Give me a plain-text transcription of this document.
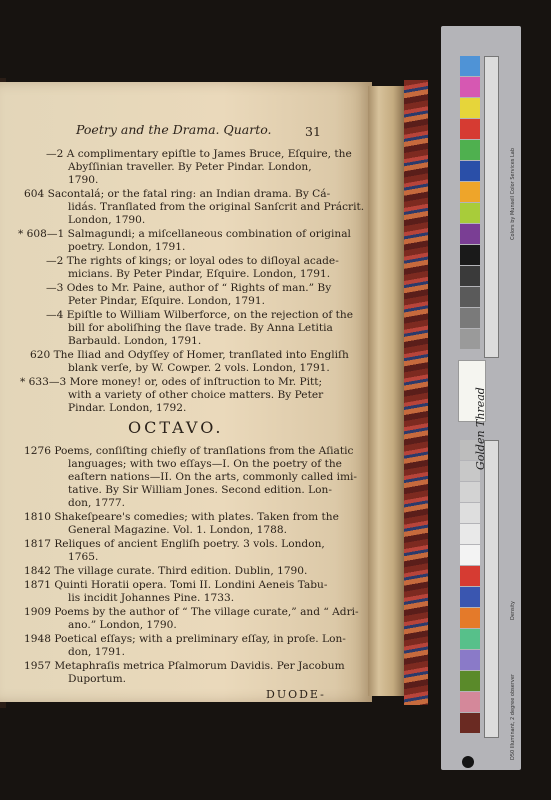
Poetry and the Drama. Quarto.	31
—2 A complimentary epiſtle to James Bruce, Eſquire, the
Abyſſinian traveller. By Peter Pindar. London,
1790.
604 Sacontalá; or the fatal ring: an Indian drama. By Cá-
lidás. Tranſlated from the original Sanſcrit and Prácrit.
London, 1790.
* 608—1 Salmagundi; a miſcellaneous combination of original
poetry. London, 1791.
—2 The rights of kings; or loyal odes to diſloyal acade-
micians. By Peter Pindar, Eſquire. London, 1791.
—3 Odes to Mr. Paine, author of “ Rights of man.” By
Peter Pindar, Eſquire. London, 1791.
—4 Epiſtle to William Wilberforce, on the rejection of the
bill for aboliſhing the ſlave trade. By Anna Letitia
Barbauld. London, 1791.
620 The Iliad and Odyſſey of Homer, tranſlated into Engliſh
blank verſe, by W. Cowper. 2 vols. London, 1791.
* 633—3 More money! or, odes of inſtruction to Mr. Pitt;
with a variety of other choice matters. By Peter
Pindar. London, 1792.
OCTAVO.
1276 Poems, conſiſting chiefly of tranſlations from the Aſiatic
languages; with two eſſays—I. On the poetry of the
eaſtern nations—II. On the arts, commonly called imi-
tative. By Sir William Jones. Second edition. Lon-
don, 1777.
1810 Shakeſpeare's comedies; with plates. Taken from the
General Magazine. Vol. 1. London, 1788.
1817 Reliques of ancient Engliſh poetry. 3 vols. London,
1765.
1842 The village curate. Third edition. Dublin, 1790.
1871 Quinti Horatii opera. Tomi II. Londini Aeneis Tabu-
lis incidit Johannes Pine. 1733.
1909 Poems by the author of “ The village curate,” and “ Adri-
ano.” London, 1790.
1948 Poetical eſſays; with a preliminary eſſay, in proſe. Lon-
don, 1791.
1957 Metaphraſis metrica Pſalmorum Davidis. Per Jacobum
Duportum.
DUODE-
Golden Thread
Colors by Munsell Color Services Lab
Density
D50 Illuminant, 2 degree observer
